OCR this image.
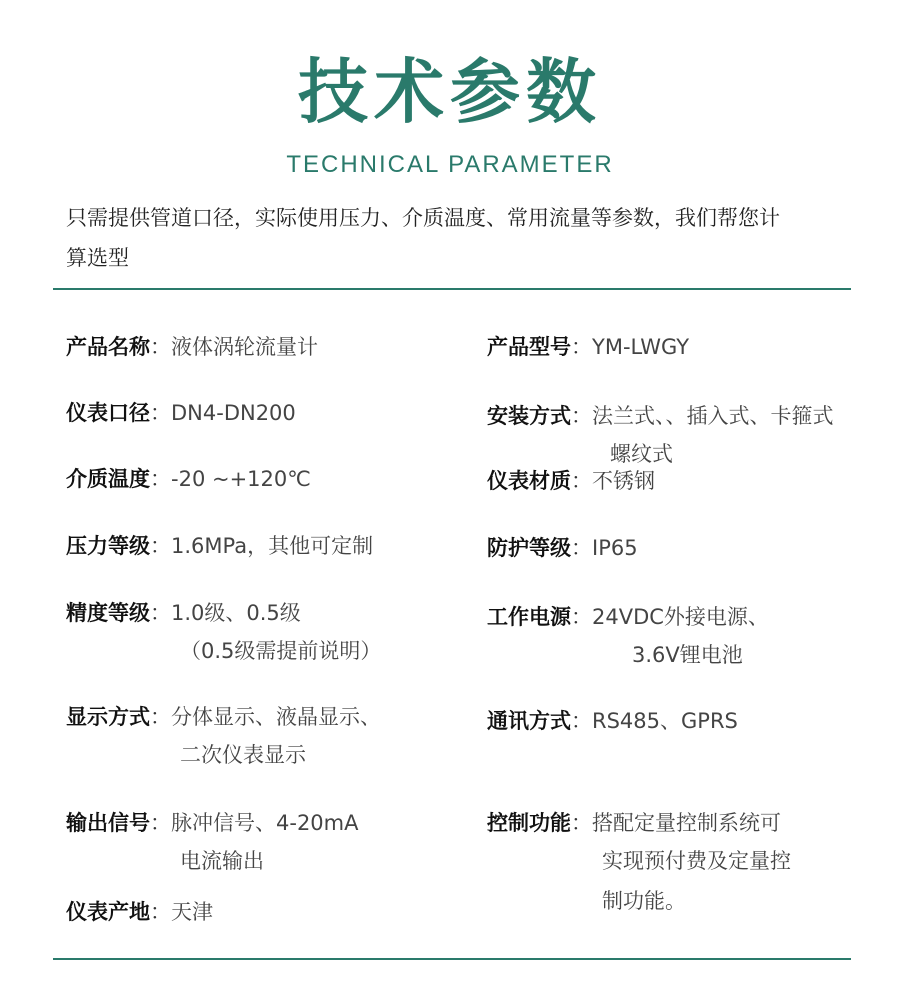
技术参数
TECHNICAL PARAMETER
只需提供管道口径，实际使用压力、介质温度、常用流量等参数，我们帮您计
算选型
产品名称：液体涡轮流量计
仪表口径：DN4-DN200
介质温度：-20 ~+120℃
压力等级：1.6MPa，其他可定制
精度等级：1.0级、0.5级
（0.5级需提前说明）
显示方式：分体显示、液晶显示、
二次仪表显示
输出信号：脉冲信号、4-20mA
电流输出
仪表产地：天津
产品型号：YM-LWGY
安装方式：法兰式、、插入式、卡箍式
螺纹式
仪表材质：不锈钢
防护等级：IP65
工作电源：24VDC外接电源、
3.6V锂电池
通讯方式：RS485、GPRS
控制功能：搭配定量控制系统可
实现预付费及定量控
制功能。
